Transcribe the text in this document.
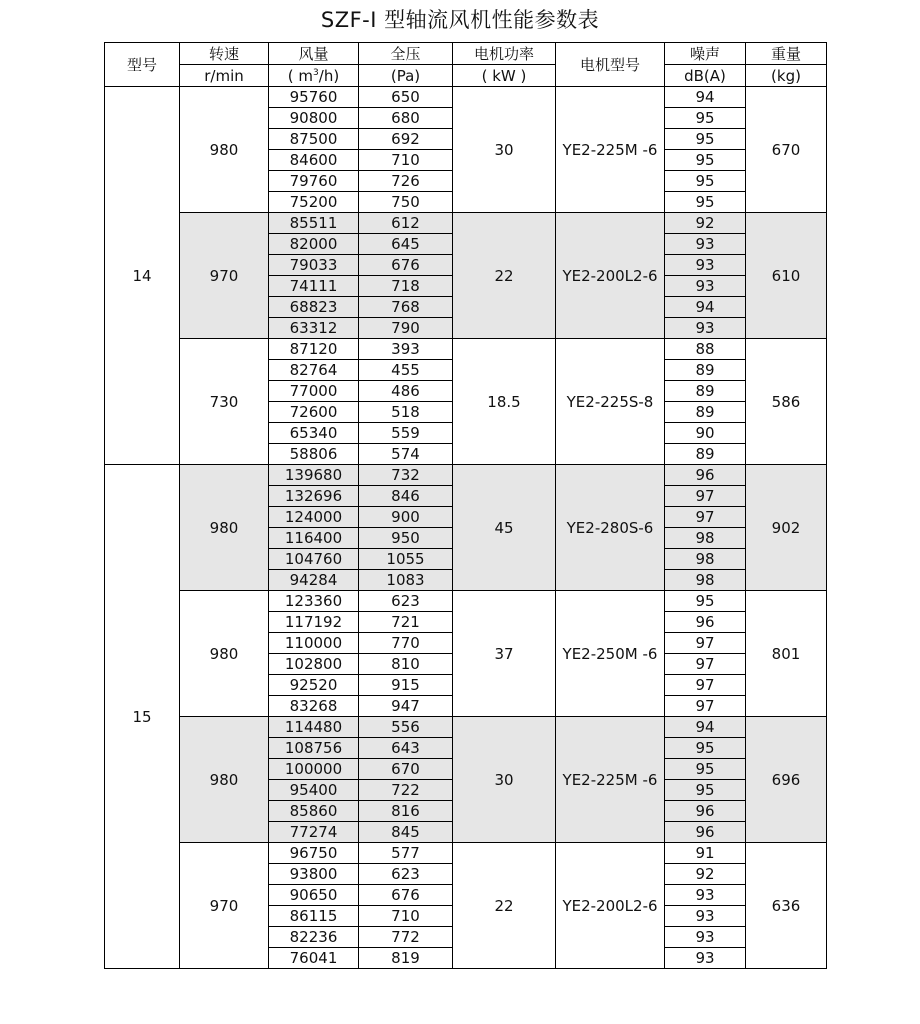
SZF-I 型轴流风机性能参数表
型号	转速	风量	全压	电机功率	电机型号	噪声	重量
	r/min	( $m^3/h$)	(Pa)	( kW )		dB(A)	(kg)
14	980	95760	650	30	YE2-225M -6	94	670
		90800	680			95	
		87500	692			95	
		84600	710			95	
		79760	726			95	
		75200	750			95	
	970	85511	612	22	YE2-200L2-6	92	610
		82000	645			93	
		79033	676			93	
		74111	718			93	
		68823	768			94	
		63312	790			93	
	730	87120	393	18.5	YE2-225S-8	88	586
		82764	455			89	
		77000	486			89	
		72600	518			89	
		65340	559			90	
		58806	574			89	
15	980	139680	732	45	YE2-280S-6	96	902
		132696	846			97	
		124000	900			97	
		116400	950			98	
		104760	1055			98	
		94284	1083			98	
	980	123360	623	37	YE2-250M -6	95	801
		117192	721			96	
		110000	770			97	
		102800	810			97	
		92520	915			97	
		83268	947			97	
	980	114480	556	30	YE2-225M -6	94	696
		108756	643			95	
		100000	670			95	
		95400	722			95	
		85860	816			96	
		77274	845			96	
	970	96750	577	22	YE2-200L2-6	91	636
		93800	623			92	
		90650	676			93	
		86115	710			93	
		82236	772			93	
		76041	819			93	
